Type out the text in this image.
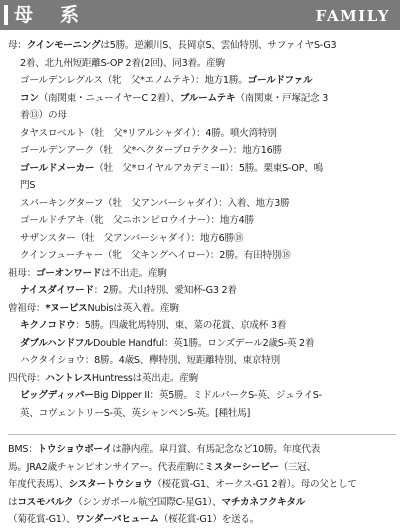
母　系	FAMILY
母：クインモーニングは5勝。逆瀬川S、長岡京S、雲仙特別、サファイヤS-G3
2着、北九州短距離S-OP 2着(2回)、同3着。産駒
ゴールデンレグルス（牝　父*エノムテキ）：地方1勝。ゴールドファル
コン（南関東・ニューイヤーC 2着）、ブルームテキ（南関東・戸塚記念 3
着⑬）の母
タヤスロベルト（牡　父*リアルシャダイ）：4勝。噴火湾特別
ゴールデンアーク（牡　父*ヘクタープロテクター）：地方16勝
ゴールドメーカー（牡　父*ロイヤルアカデミーII）：5勝。栗東S-OP、鳴
門S
スパーキングターフ（牡　父アンバーシャダイ）：入着、地方3勝
ゴールドチアキ（牝　父ニホンピロウイナー）：地方4勝
サザンスター（牡　父アンバーシャダイ）：地方6勝⑱
クインフューチャー（牝　父キングヘイロー）：2勝。有田特別⑱
祖母：ゴーオンワードは不出走。産駒
ナイスダイワード：2勝。犬山特別、愛知杯-G3 2着
曾祖母：*ヌービスNubisは英入着。産駒
キクノコドウ：5勝。四歳牝馬特別、東、菜の花賞、京成杯 3着
ダブルハンドフルDouble Handful：英1勝。ロンズデール2歳S-英 2着
ハクタイショウ：8勝。4歳S、欅特別、短距離特別、東京特別
四代母：ハントレスHuntressは英出走。産駒
ビッグディッパーBig Dipper II：英5勝。ミドルパークS-英、ジュライS-
英、コヴェントリーS-英、英シャンペンS-英。[種牡馬]
BMS：トウショウボーイは静内産。皐月賞、有馬記念など10勝。年度代表
馬。JRA2歳チャンピオンサイアー。代表産駒にミスターシービー（三冠、
年度代表馬）、シスタートウショウ（桜花賞-G1、オークス-G1 2着）。母の父として
はコスモバルク（シンガポール航空国際C-星G1）、マチカネフクキタル
（菊花賞-G1）、ワンダーパヒューム（桜花賞-G1）を送る。
